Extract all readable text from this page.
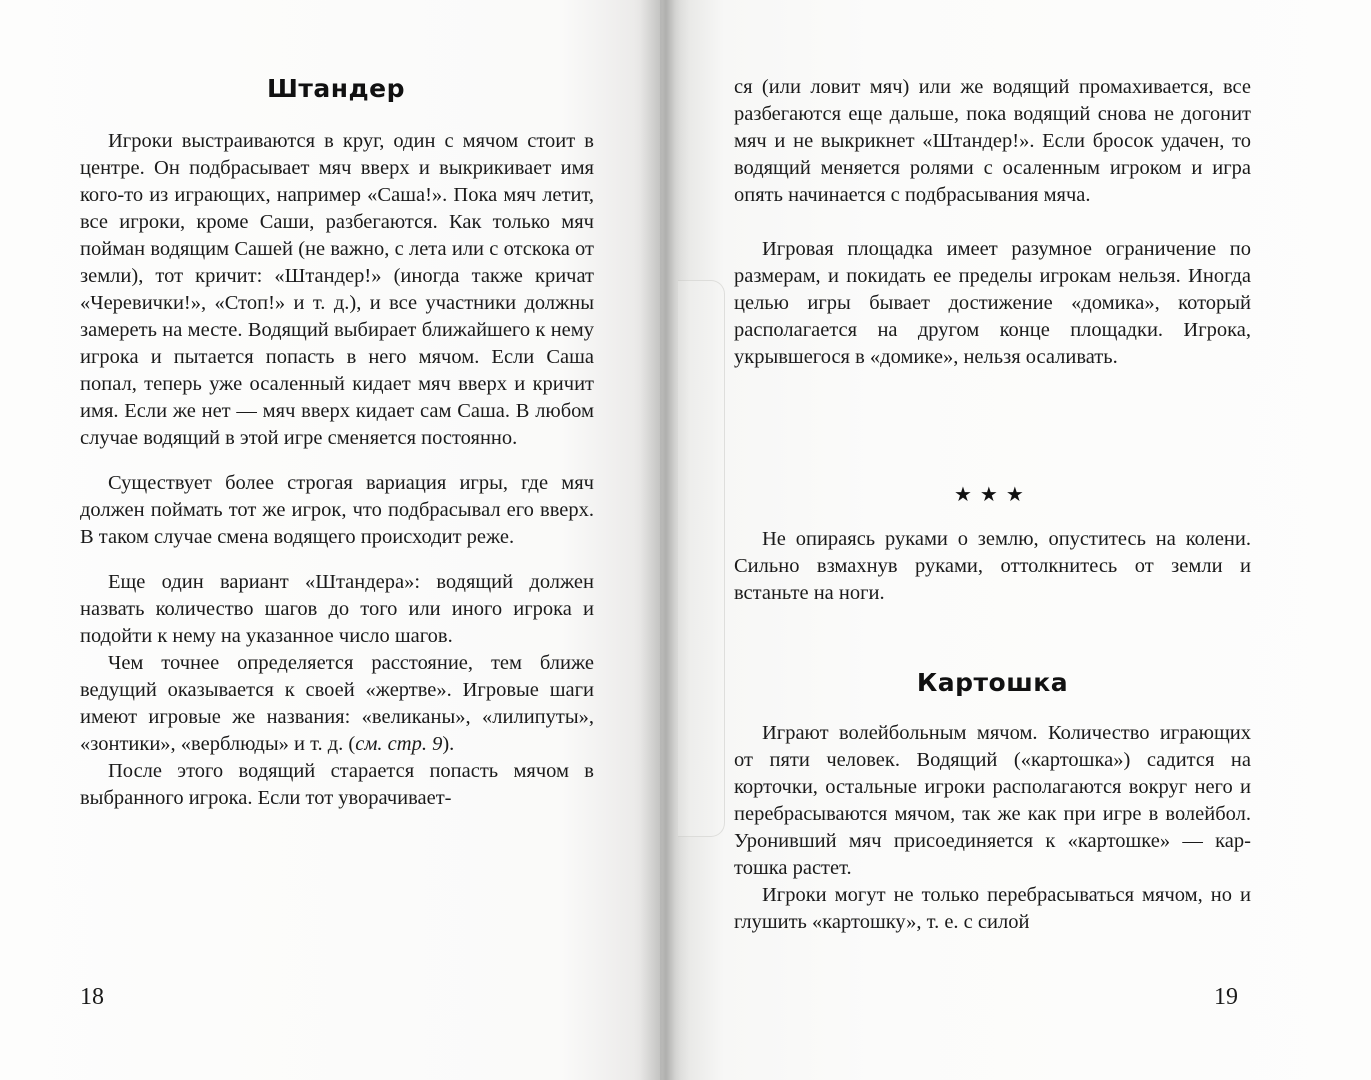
Штандер

Игроки выстраиваются в круг, один с мячом стоит в центре. Он подбрасывает мяч вверх и выкрикивает имя кого-то из играющих, например «Саша!». Пока мяч летит, все игроки, кроме Саши, разбегаются. Как только мяч пойман водящим Сашей (не важно, с лета или с отскока от земли), тот кричит: «Штандер!» (иногда также кричат «Черевички!», «Стоп!» и т. д.), и все участники должны замереть на месте. Водящий выбирает ближайшего к нему игрока и пытается попасть в него мячом. Если Саша попал, теперь уже осаленный кидает мяч вверх и кричит имя. Если же нет — мяч вверх кидает сам Саша. В любом случае водящий в этой игре сменяется постоянно.

Существует более строгая вариация игры, где мяч должен поймать тот же игрок, что подбрасывал его вверх. В таком случае смена водящего происходит реже.

Еще один вариант «Штандера»: водящий должен назвать количество шагов до того или иного игрока и подойти к нему на указанное число шагов.

Чем точнее определяется расстояние, тем ближе ведущий оказывается к своей «жертве». Игровые шаги имеют игровые же названия: «великаны», «лилипуты», «зонтики», «верблюды» и т. д. (см. стр. 9).

После этого водящий старается попасть мячом в выбранного игрока. Если тот уворачивает-

18

ся (или ловит мяч) или же водящий промахивается, все разбегаются еще дальше, пока водящий снова не догонит мяч и не выкрикнет «Штандер!». Если бросок удачен, то водящий меняется ролями с осаленным игроком и игра опять начинается с подбрасывания мяча.

Игровая площадка имеет разумное ограничение по размерам, и покидать ее пределы игрокам нельзя. Иногда целью игры бывает достижение «домика», который располагается на другом конце площадки. Игрока, укрывшегося в «домике», нельзя осаливать.

★★★

Не опираясь руками о землю, опуститесь на колени. Сильно взмахнув руками, оттолкнитесь от земли и встаньте на ноги.

Картошка

Играют волейбольным мячом. Количество играющих от пяти человек. Водящий («картошка») садится на корточки, остальные игроки располагаются вокруг него и перебрасываются мячом, так же как при игре в волейбол. Уронивший мяч присоединяется к «картошке» — картошка растет.

Игроки могут не только перебрасываться мячом, но и глушить «картошку», т. е. с силой

19
